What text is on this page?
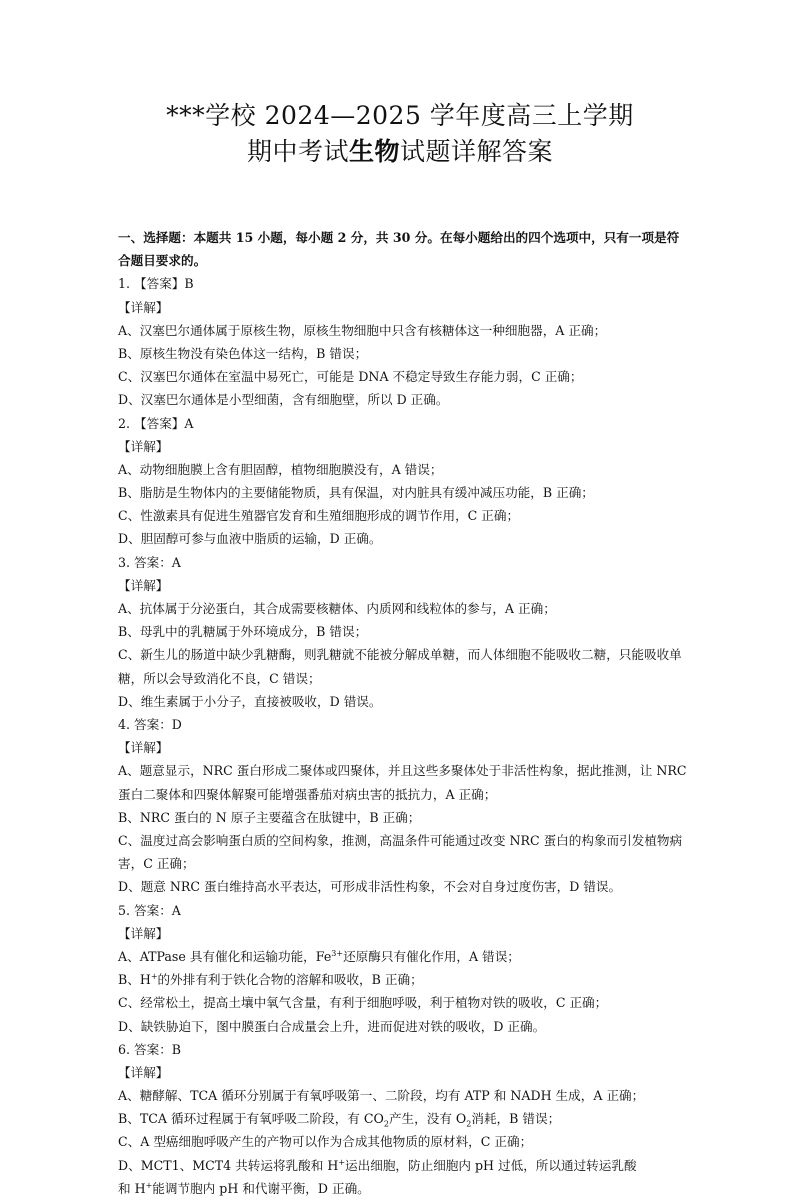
***学校 2024—2025 学年度高三上学期
期中考试生物试题详解答案
一、选择题：本题共 15 小题，每小题 2 分，共 30 分。在每小题给出的四个选项中，只有一项是符合题目要求的。
1. 【答案】B
【详解】
A、汉塞巴尔通体属于原核生物，原核生物细胞中只含有核糖体这一种细胞器，A 正确；
B、原核生物没有染色体这一结构，B 错误；
C、汉塞巴尔通体在室温中易死亡，可能是 DNA 不稳定导致生存能力弱，C 正确；
D、汉塞巴尔通体是小型细菌，含有细胞壁，所以 D 正确。
2. 【答案】A
【详解】
A、动物细胞膜上含有胆固醇，植物细胞膜没有，A 错误；
B、脂肪是生物体内的主要储能物质，具有保温，对内脏具有缓冲减压功能，B 正确；
C、性激素具有促进生殖器官发育和生殖细胞形成的调节作用，C 正确；
D、胆固醇可参与血液中脂质的运输，D 正确。
3. 答案：A
【详解】
A、抗体属于分泌蛋白，其合成需要核糖体、内质网和线粒体的参与，A 正确；
B、母乳中的乳糖属于外环境成分，B 错误；
C、新生儿的肠道中缺少乳糖酶，则乳糖就不能被分解成单糖，而人体细胞不能吸收二糖，只能吸收单糖，所以会导致消化不良，C 错误；
D、维生素属于小分子，直接被吸收，D 错误。
4. 答案：D
【详解】
A、题意显示，NRC 蛋白形成二聚体或四聚体，并且这些多聚体处于非活性构象，据此推测，让 NRC 蛋白二聚体和四聚体解聚可能增强番茄对病虫害的抵抗力，A 正确；
B、NRC 蛋白的 N 原子主要蕴含在肽键中，B 正确；
C、温度过高会影响蛋白质的空间构象，推测，高温条件可能通过改变 NRC 蛋白的构象而引发植物病害，C 正确；
D、题意 NRC 蛋白维持高水平表达，可形成非活性构象，不会对自身过度伤害，D 错误。
5. 答案：A
【详解】
A、ATPase 具有催化和运输功能，$Fe^{3+}$还原酶只有催化作用，A 错误；
B、H+的外排有利于铁化合物的溶解和吸收，B 正确；
C、经常松土，提高土壤中氧气含量，有利于细胞呼吸，利于植物对铁的吸收，C 正确；
D、缺铁胁迫下，图中膜蛋白合成量会上升，进而促进对铁的吸收，D 正确。
6. 答案：B
【详解】
A、糖酵解、TCA 循环分别属于有氧呼吸第一、二阶段，均有 ATP 和 NADH 生成，A 正确；
B、TCA 循环过程属于有氧呼吸二阶段，有 $CO_2$产生，没有 $O_2$消耗，B 错误；
C、A 型癌细胞呼吸产生的产物可以作为合成其他物质的原材料，C 正确；
D、MCT1、MCT4 共转运将乳酸和 H+运出细胞，防止细胞内 pH 过低，所以通过转运乳酸
和 H+能调节胞内 pH 和代谢平衡，D 正确。
